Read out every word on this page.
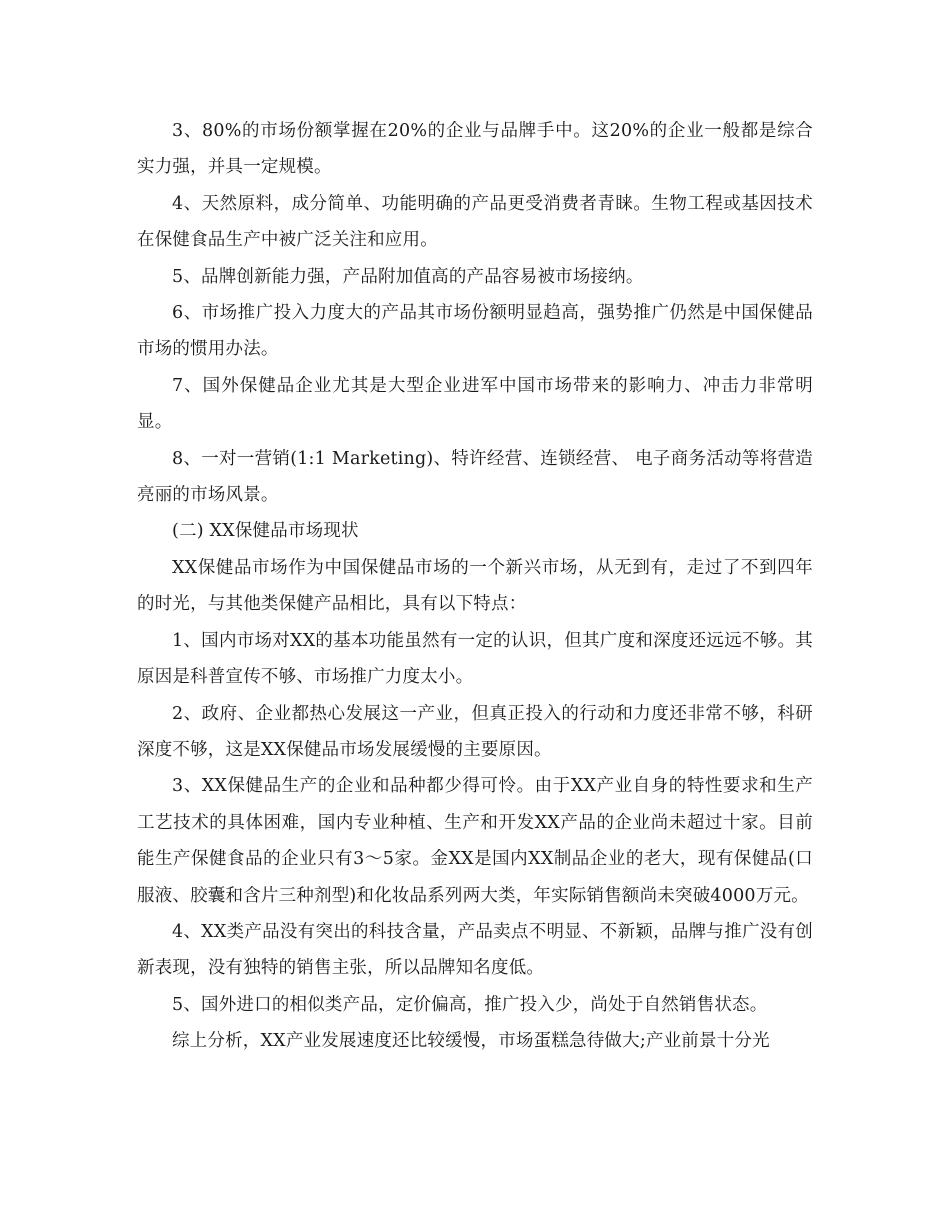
3、80%的市场份额掌握在20%的企业与品牌手中。这20%的企业一般都是综合实力强，并具一定规模。

4、天然原料，成分简单、功能明确的产品更受消费者青睐。生物工程或基因技术在保健食品生产中被广泛关注和应用。

5、品牌创新能力强，产品附加值高的产品容易被市场接纳。

6、市场推广投入力度大的产品其市场份额明显趋高，强势推广仍然是中国保健品市场的惯用办法。

7、国外保健品企业尤其是大型企业进军中国市场带来的影响力、冲击力非常明显。

8、一对一营销(1:1 Marketing)、特许经营、连锁经营、 电子商务活动等将营造亮丽的市场风景。

(二) XX保健品市场现状

XX保健品市场作为中国保健品市场的一个新兴市场，从无到有，走过了不到四年的时光，与其他类保健产品相比，具有以下特点：

1、国内市场对XX的基本功能虽然有一定的认识，但其广度和深度还远远不够。其原因是科普宣传不够、市场推广力度太小。

2、政府、企业都热心发展这一产业，但真正投入的行动和力度还非常不够，科研深度不够，这是XX保健品市场发展缓慢的主要原因。

3、XX保健品生产的企业和品种都少得可怜。由于XX产业自身的特性要求和生产工艺技术的具体困难，国内专业种植、生产和开发XX产品的企业尚未超过十家。目前能生产保健食品的企业只有3～5家。金XX是国内XX制品企业的老大，现有保健品(口服液、胶囊和含片三种剂型)和化妆品系列两大类，年实际销售额尚未突破4000万元。

4、XX类产品没有突出的科技含量，产品卖点不明显、不新颖，品牌与推广没有创新表现，没有独特的销售主张，所以品牌知名度低。

5、国外进口的相似类产品，定价偏高，推广投入少，尚处于自然销售状态。

综上分析，XX产业发展速度还比较缓慢，市场蛋糕急待做大;产业前景十分光
